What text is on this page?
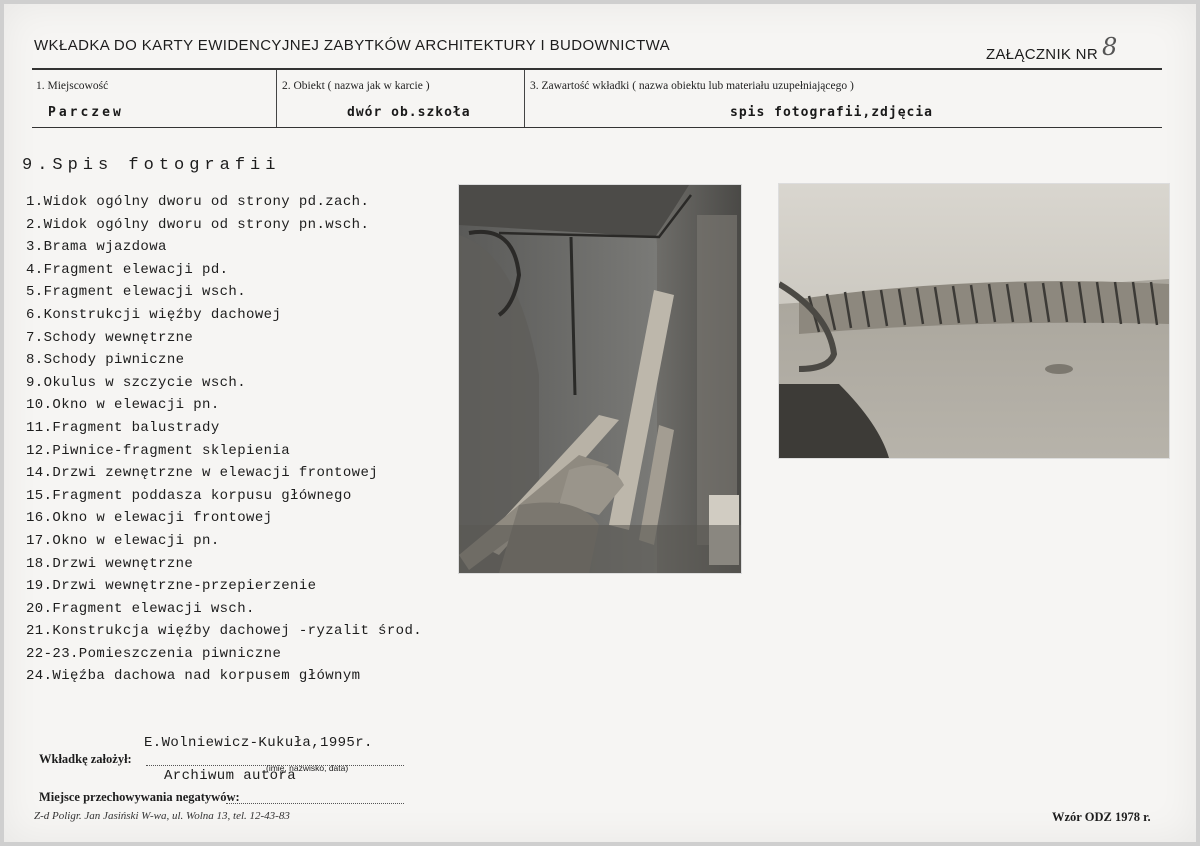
WKŁADKA DO KARTY EWIDENCYJNEJ ZABYTKÓW ARCHITEKTURY I BUDOWNICTWA
ZAŁĄCZNIK NR 8
1. Miejscowość
Parczew
2. Obiekt ( nazwa jak w karcie )
dwór ob.szkoła
3. Zawartość wkładki ( nazwa obiektu lub materiału uzupełniającego )
spis fotografii,zdjęcia
9.Spis fotografii
1.Widok ogólny dworu od strony pd.zach.
2.Widok ogólny dworu od strony pn.wsch.
3.Brama wjazdowa
4.Fragment elewacji pd.
5.Fragment elewacji wsch.
6.Konstrukcji więźby dachowej
7.Schody wewnętrzne
8.Schody piwniczne
9.Okulus w szczycie wsch.
10.Okno w elewacji pn.
11.Fragment balustrady
12.Piwnice-fragment sklepienia
14.Drzwi zewnętrzne w elewacji frontowej
15.Fragment poddasza korpusu głównego
16.Okno w elewacji frontowej
17.Okno w elewacji pn.
18.Drzwi wewnętrzne
19.Drzwi wewnętrzne-przepierzenie
20.Fragment elewacji wsch.
21.Konstrukcja więźby dachowej -ryzalit środ.
22-23.Pomieszczenia piwniczne
24.Więźba dachowa nad korpusem głównym
E.Wolniewicz-Kukuła,1995r.
Wkładkę założył:
(imię, nazwisko, data)
Archiwum autora
Miejsce przechowywania negatywów:
Z-d Poligr. Jan Jasiński W-wa, ul. Wolna 13, tel. 12-43-83	Wzór ODZ 1978 r.
